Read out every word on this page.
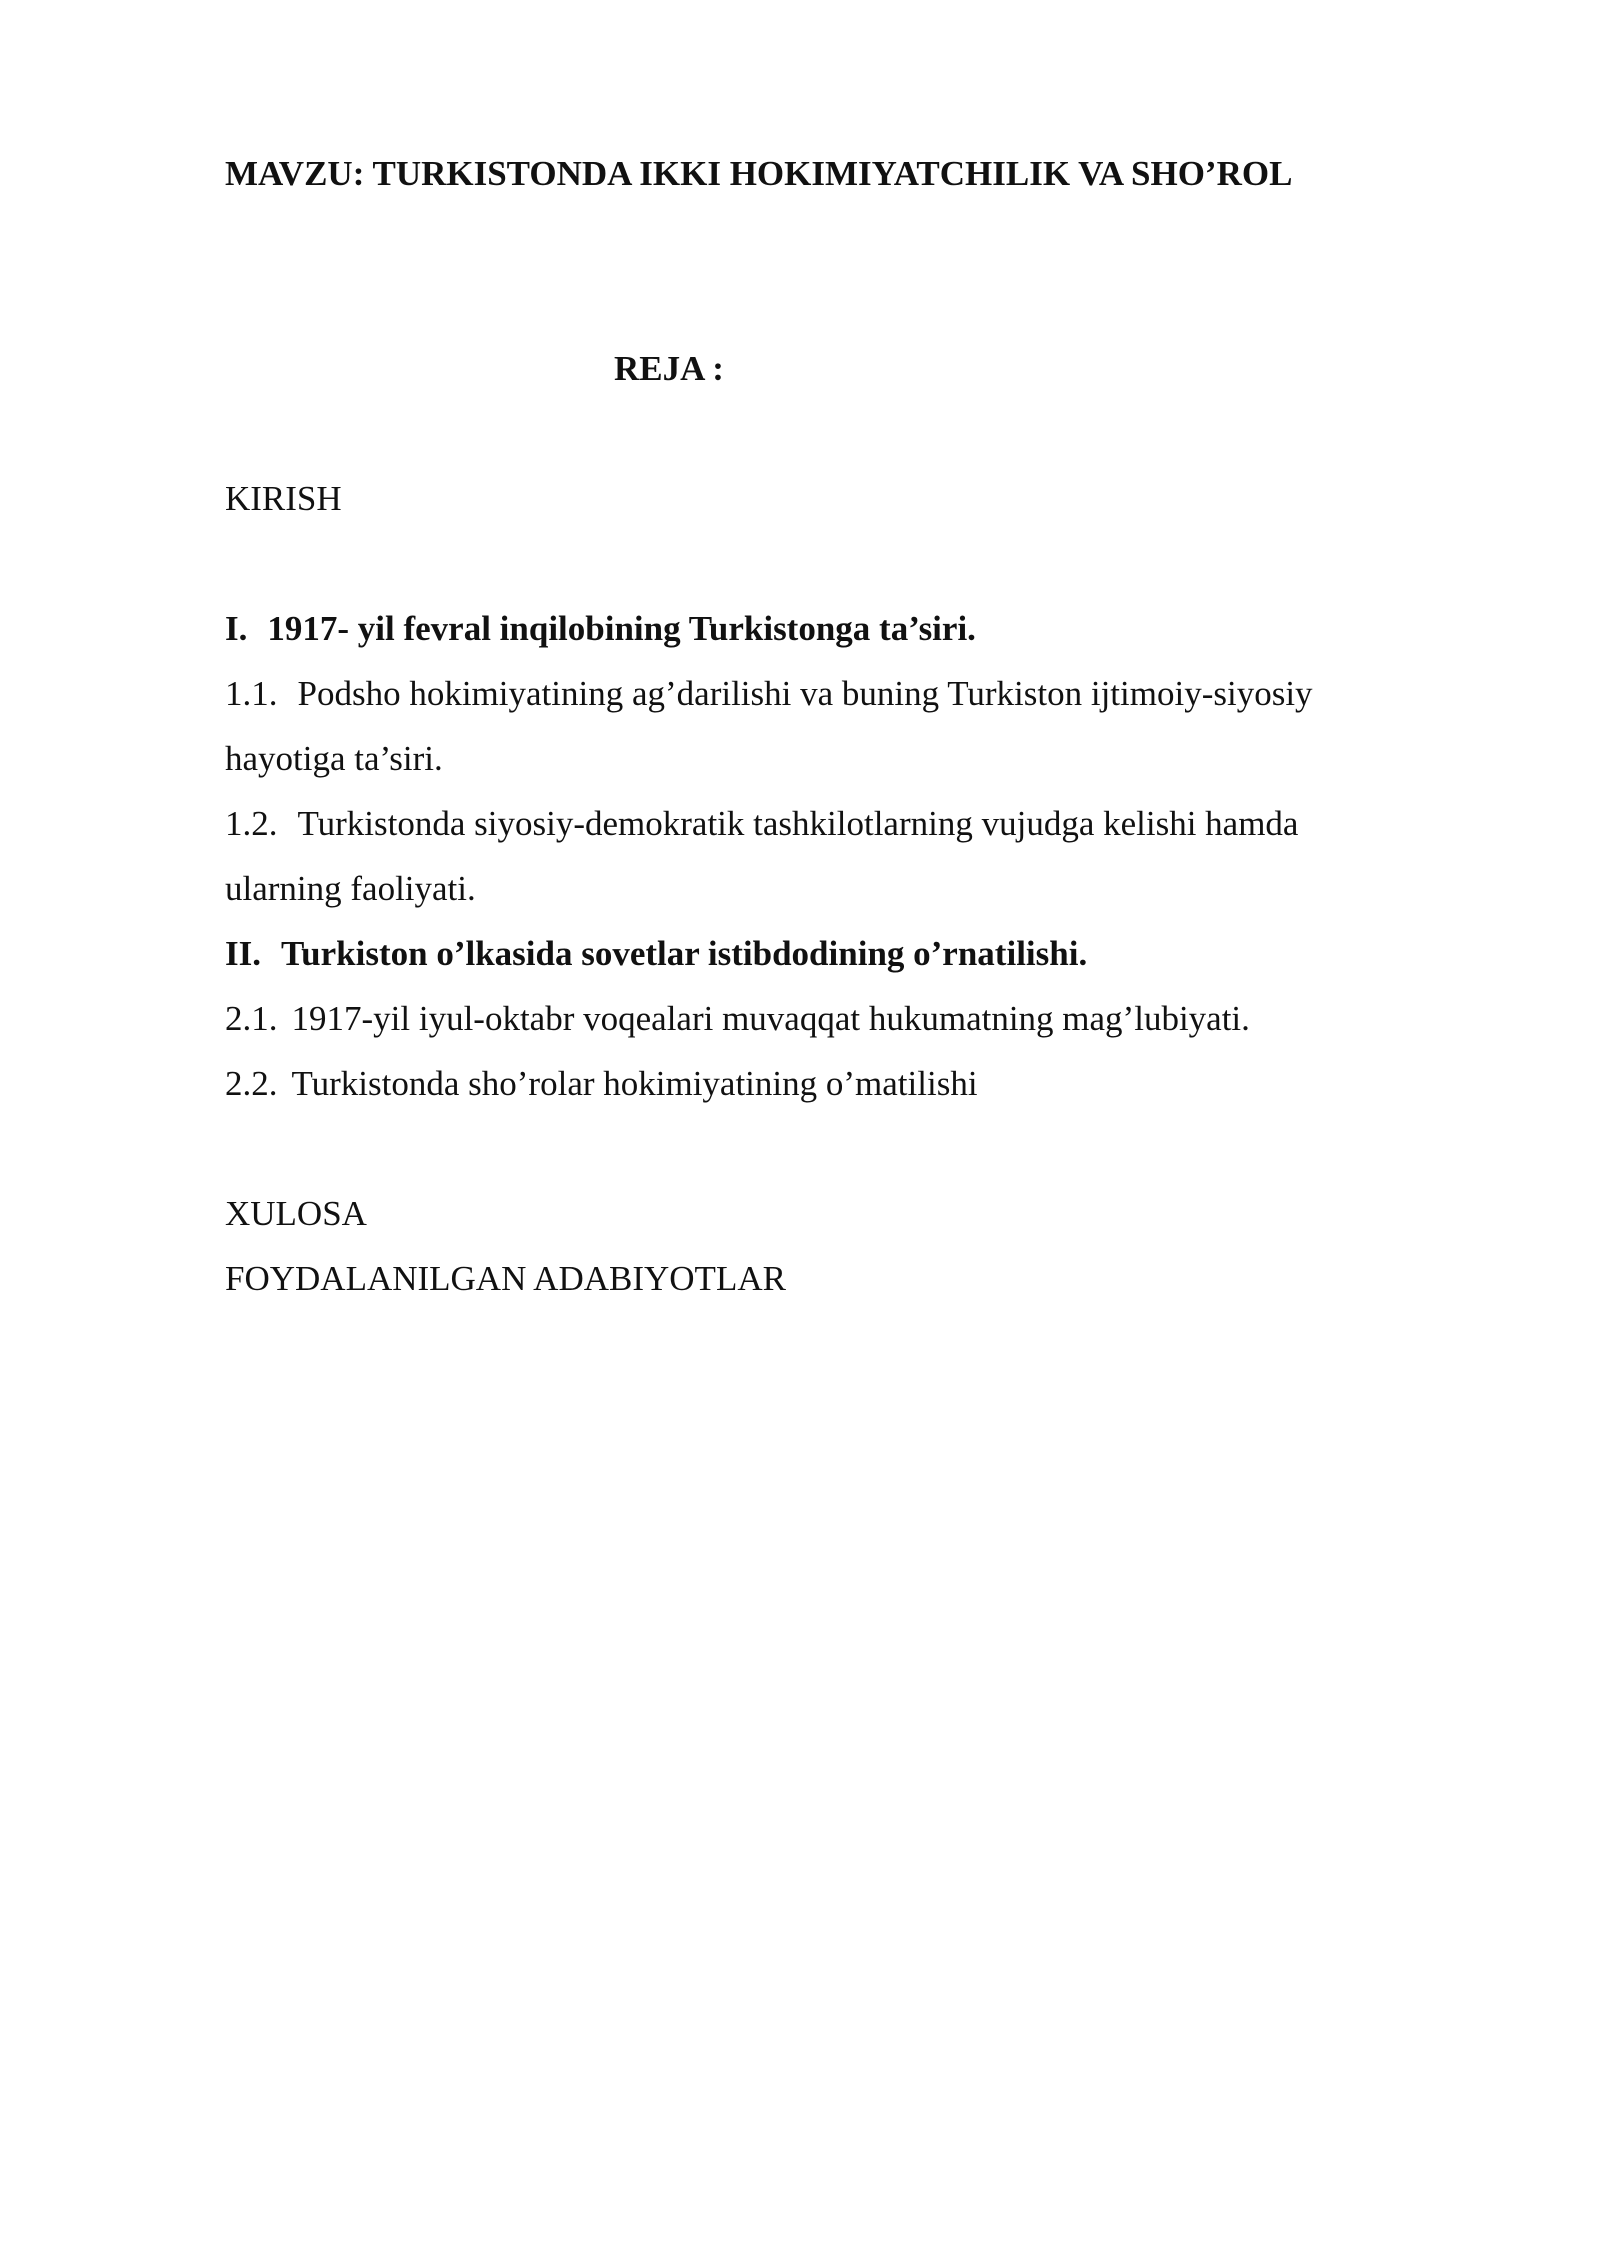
MAVZU: TURKISTONDA IKKI HOKIMIYATCHILIK VA SHO’ROL
REJA :
KIRISH
I. 1917- yil fevral inqilobining Turkistonga ta’siri.
1.1. Podsho hokimiyatining ag’darilishi va buning Turkiston ijtimoiy-siyosiy
hayotiga ta’siri.
1.2. Turkistonda siyosiy-demokratik tashkilotlarning vujudga kelishi hamda
ularning faoliyati.
II. Turkiston o’lkasida sovetlar istibdodining o’rnatilishi.
2.1. 1917-yil iyul-oktabr voqealari muvaqqat hukumatning mag’lubiyati.
2.2. Turkistonda sho’rolar hokimiyatining o’matilishi
XULOSA
FOYDALANILGAN ADABIYOTLAR
